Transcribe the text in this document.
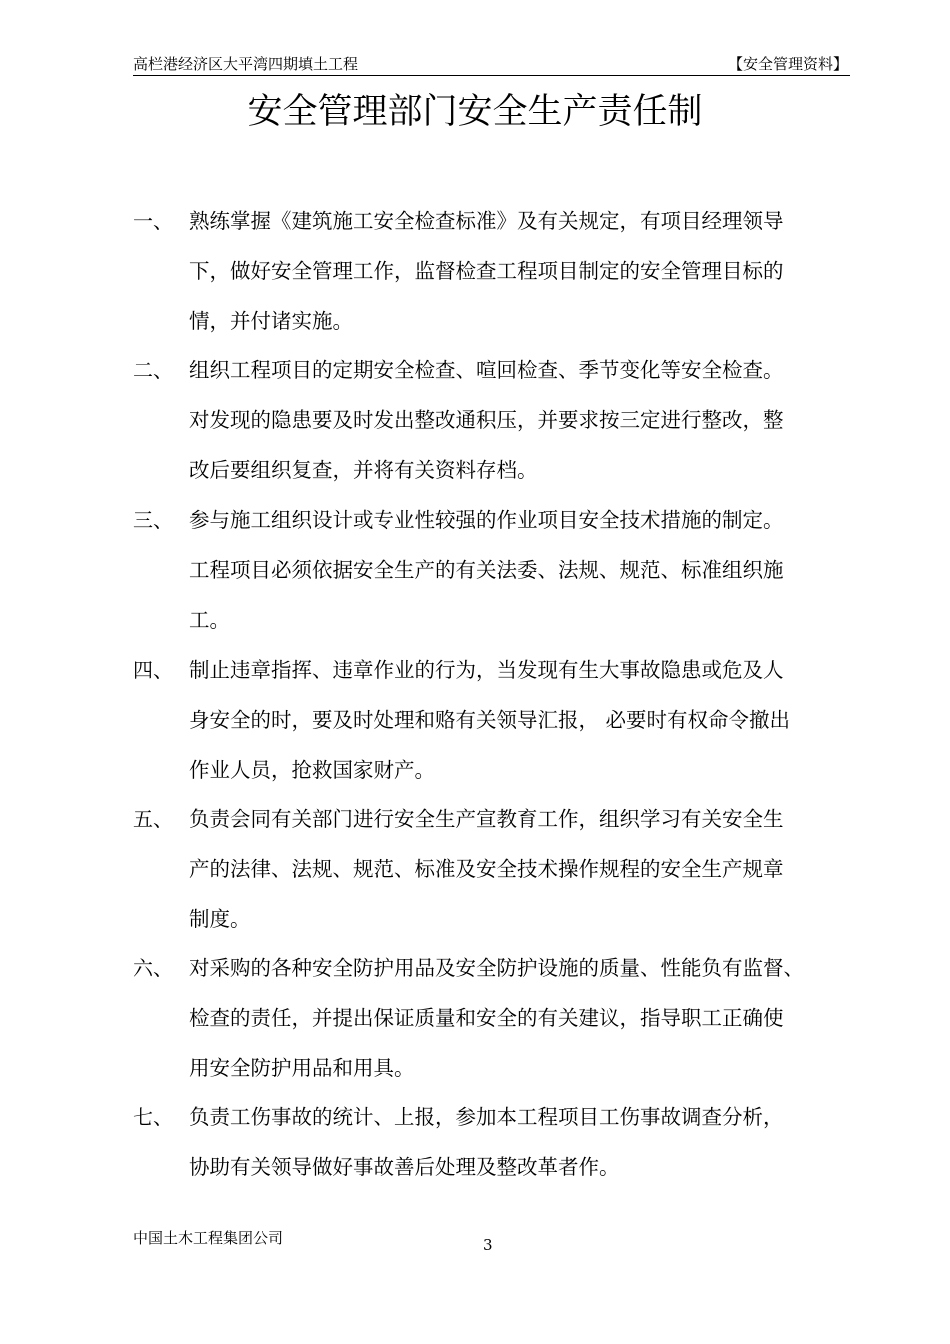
高栏港经济区大平湾四期填土工程	【安全管理资料】
安全管理部门安全生产责任制
一、 熟练掌握《建筑施工安全检查标准》及有关规定，有项目经理领导
下，做好安全管理工作，监督检查工程项目制定的安全管理目标的
情，并付诸实施。
二、 组织工程项目的定期安全检查、喧回检查、季节变化等安全检查。
对发现的隐患要及时发出整改通积压，并要求按三定进行整改，整
改后要组织复查，并将有关资料存档。
三、 参与施工组织设计或专业性较强的作业项目安全技术措施的制定。
工程项目必须依据安全生产的有关法委、法规、规范、标准组织施
工。
四、 制止违章指挥、违章作业的行为，当发现有生大事故隐患或危及人
身安全的时，要及时处理和赂有关领导汇报， 必要时有权命令撤出
作业人员，抢救国家财产。
五、 负责会同有关部门进行安全生产宣教育工作，组织学习有关安全生
产的法律、法规、规范、标准及安全技术操作规程的安全生产规章
制度。
六、 对采购的各种安全防护用品及安全防护设施的质量、性能负有监督、
检查的责任，并提出保证质量和安全的有关建议，指导职工正确使
用安全防护用品和用具。
七、 负责工伤事故的统计、上报，参加本工程项目工伤事故调查分析，
协助有关领导做好事故善后处理及整改革者作。
中国土木工程集团公司	3
